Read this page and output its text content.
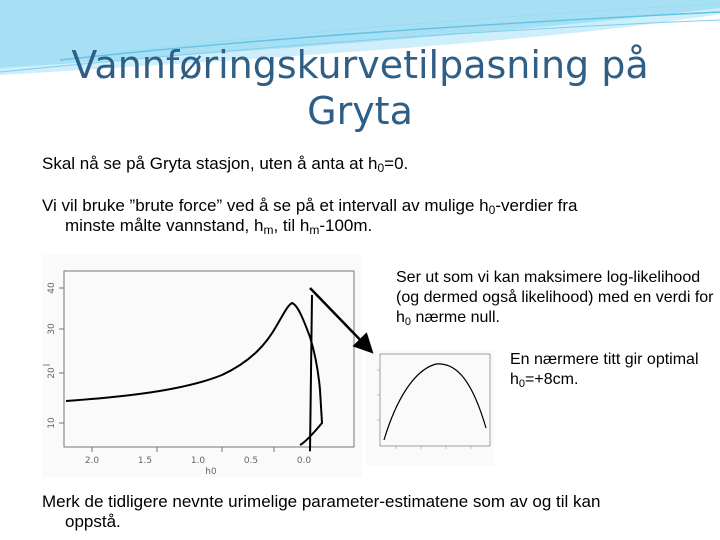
Vannføringskurvetilpasning på Gryta
Skal nå se på Gryta stasjon, uten å anta at $h_0=0$.
Vi vil bruke ”brute force” ved å se på et intervall av mulige $h_0$-verdier fra
minste målte vannstand, $h_m$, til $h_m-100m$.
2.0	1.5	1.0	0.5	0.0
h0
10
20
30
40
l
Ser ut som vi kan maksimere log-likelihood (og dermed også likelihood) med en verdi for $h_0$ nærme null.
En nærmere titt gir optimal $h_0=+8cm$.
Merk de tidligere nevnte urimelige parameter-estimatene som av og til kan
oppstå.
